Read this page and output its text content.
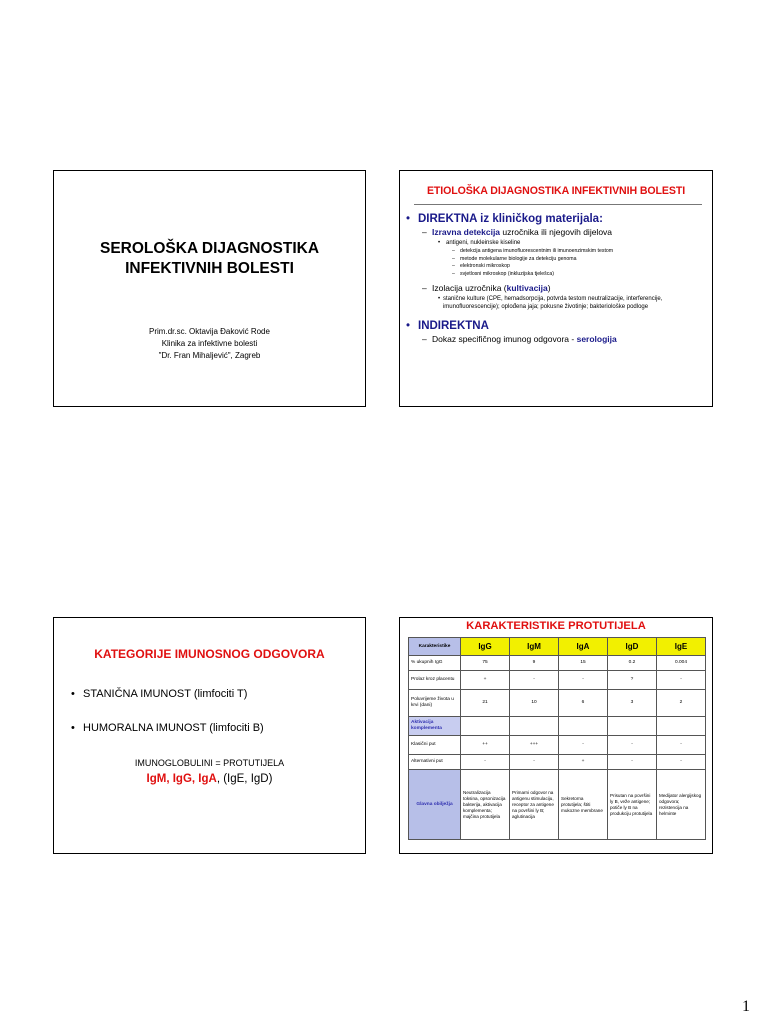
SEROLOŠKA DIJAGNOSTIKA
INFEKTIVNIH BOLESTI
Prim.dr.sc. Oktavija Đaković Rode
Klinika za infektivne bolesti
"Dr. Fran Mihaljević", Zagreb
ETIOLOŠKA DIJAGNOSTIKA INFEKTIVNIH BOLESTI
• DIREKTNA iz kliničkog materijala:
– Izravna detekcija uzročnika ili njegovih dijelova
• antigeni, nukleinske kiseline
– detekcija antigena imunofluorescentnim ili imunoenzimskim testom
– metode molekularne biologije za detekciju genoma
– elektronski mikroskop
– svjetlosni mikroskop (inkluzijska tjelešca)
– Izolacija uzročnika (kultivacija)
• stanične kulture (CPE, hemadsorpcija, potvrda testom neutralizacije, interferencije, imunofluorescencije); oplođena jaja; pokusne životinje; bakteriološke podloge
• INDIREKTNA
– Dokaz specifičnog imunog odgovora - serologija
KATEGORIJE IMUNOSNOG ODGOVORA
• STANIČNA IMUNOST (limfociti T)
• HUMORALNA IMUNOST (limfociti B)
IMUNOGLOBULINI = PROTUTIJELA
IgM, IgG, IgA, (IgE, IgD)
KARAKTERISTIKE PROTUTIJELA
Karakteristike	IgG	IgM	IgA	IgD	IgE
% ukupnih IgG	75	9	15	0.2	0.004
Prolaz kroz placentu	+	-	-	?	-
Poluvrijeme života u krvi (dani)	21	10	6	3	2
Aktivacija komplementa					
Klasični put	++	+++	-	-	-
Alternativni put	-	-	+	-	-
Glavna obilježja	Neutralizacija toksina, opsonizacija bakterija, aktivacija komplementa; majčina protutijela	Primarni odgovor na antigenu stimulaciju, receptor za antigene na površini ly B; aglutinacija	Sekretorna protutijela; štiti mukozne membrane	Prisutan na površini ly B, veže antigene; potiče ly B na produkciju protutijela	Medijator alergijskog odgovora; rezistencija na helminte
1
